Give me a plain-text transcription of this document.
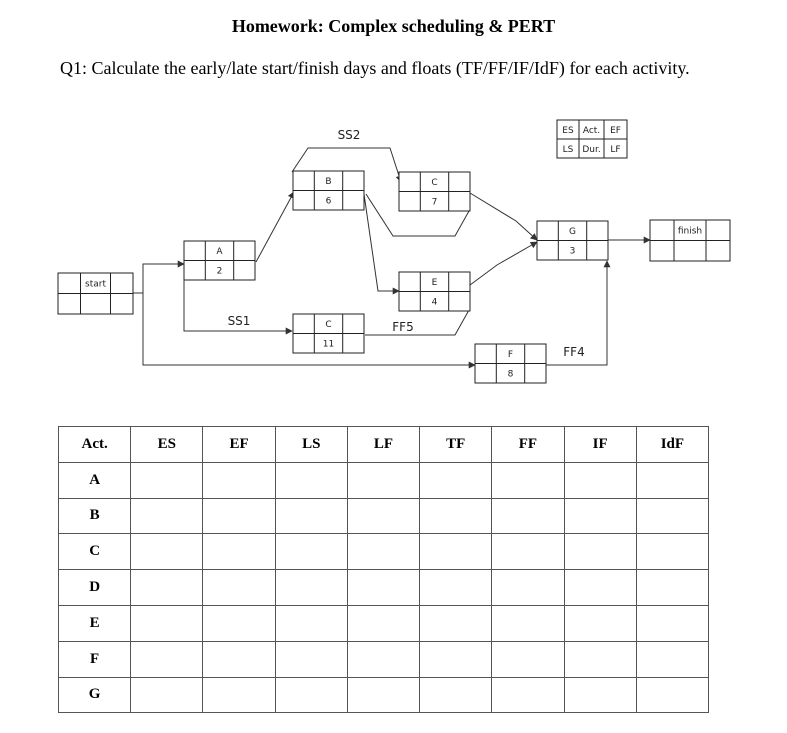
Homework: Complex scheduling & PERT
Q1: Calculate the early/late start/finish days and floats (TF/FF/IF/IdF) for each activity.
ES Act. EF
LS Dur. LF
SS2
SS1	FF5
FF4
start
A
2
B
6
C
7
C
11
E
4
F
8
G
3
finish
Act.	ES	EF	LS	LF	TF	FF	IF	IdF
A								
B								
C								
D								
E								
F								
G								
